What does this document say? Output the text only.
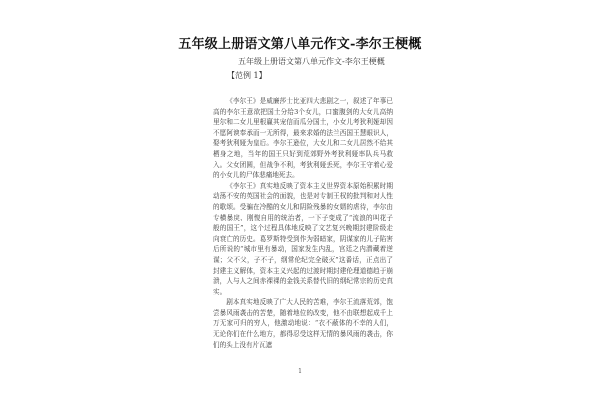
五年级上册语文第八单元作文-李尔王梗概
五年级上册语文第八单元作文-李尔王梗概
【范例 1】

《李尔王》是威廉莎士比亚四大悲剧之一，叙述了年事已高的李尔王意欲把国土分给3个女儿，口蜜腹剑的大女儿高纳里尔和二女儿里根赢其宠信而瓜分国土，小女儿考狄利娅却因不愿阿谀奉承而一无所得，最来求婚的法兰西国王慧眼识人，娶考狄利娅为皇后。李尔王逊位，大女儿和二女儿居然不给其栖身之地，当年的国王只好到荒郊野外考狄利娅率队兵马救入。父女团圆，但战争不利，考狄利娅丢死，李尔王守着心爱的小女儿的尸体悲痛地死去。

《李尔王》真实地反映了资本主义世界资本原始积累时期动荡不安的英国社会的面貌，也是对专制王权的批判和对人性的歌颂。受骗在冷酷的女儿和阴险残暴的女婿的虐待，李尔由专横暴戾、刚愎自用的统治者，一下子变成了“流浪的叫花子般的国王”，这个过程具体地反映了文艺复兴晚期封建阶级走向衰亡的历史。葛罗斯特受到作为弱暗家，阴谋家的儿子陷害后所说的“城市里有暴动，国家发生内乱，宫廷之内潜藏着逆谋；父不父，子不子，纲常伦纪完全破灭”这番话，正点出了封建主义解体，资本主义兴起的过渡时期封建伦理道德趋于崩溃，人与人之间赤裸裸的金钱关系替代旧的纲纪常宗的历史真实。

剧本真实地反映了广大人民的苦难，李尔王流落荒郊，饱尝暴风雨袭击的苦楚，随着地位的改变，他不由联想起成千上万无家可归的穷人，他激动地说：“衣不蔽体的不幸的人们，无论你们在什么地方，都得忍受这样无情的暴风雨的袭击，你们的头上没有片瓦遮

1
